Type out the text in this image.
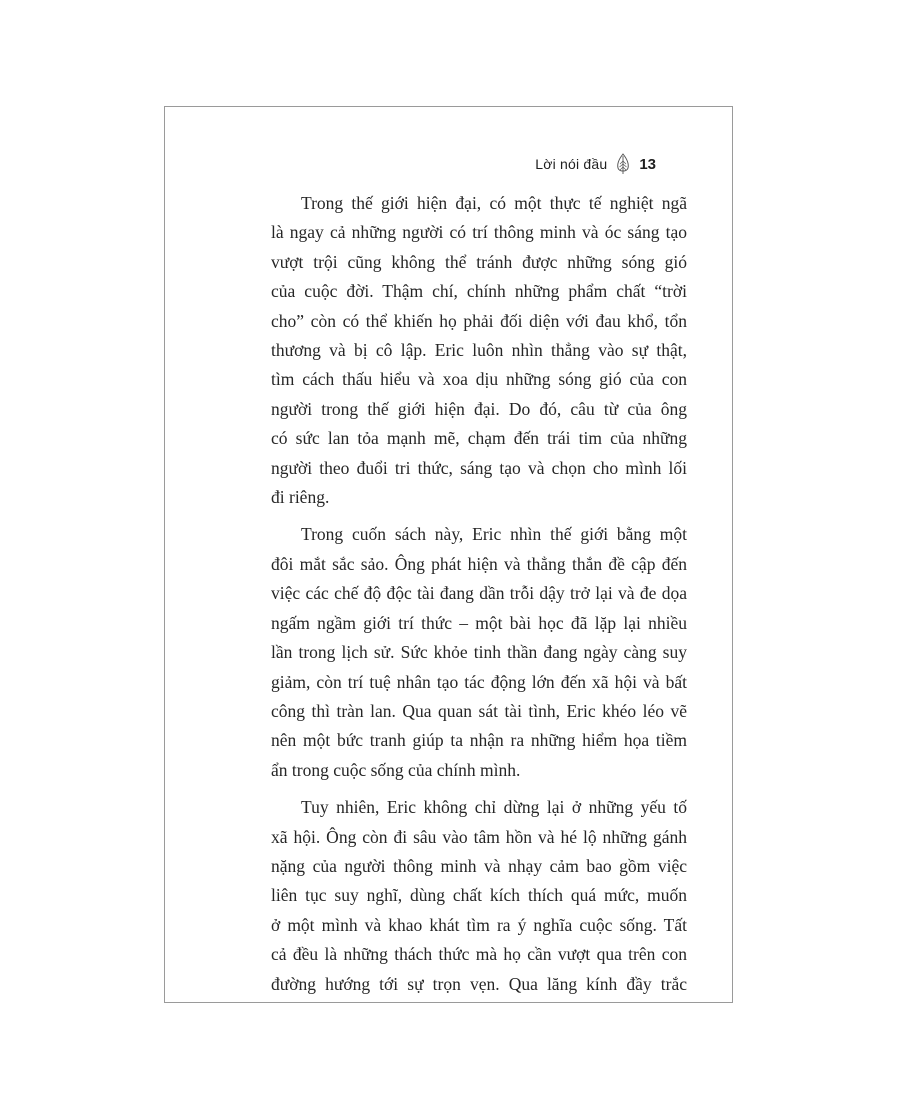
Lời nói đầu 13
Trong thế giới hiện đại, có một thực tế nghiệt ngã
là ngay cả những người có trí thông minh và óc sáng tạo
vượt trội cũng không thể tránh được những sóng gió
của cuộc đời. Thậm chí, chính những phẩm chất “trời
cho” còn có thể khiến họ phải đối diện với đau khổ, tổn
thương và bị cô lập. Eric luôn nhìn thẳng vào sự thật,
tìm cách thấu hiểu và xoa dịu những sóng gió của con
người trong thế giới hiện đại. Do đó, câu từ của ông
có sức lan tỏa mạnh mẽ, chạm đến trái tim của những
người theo đuổi tri thức, sáng tạo và chọn cho mình lối
đi riêng.
Trong cuốn sách này, Eric nhìn thế giới bằng một
đôi mắt sắc sảo. Ông phát hiện và thẳng thắn đề cập đến
việc các chế độ độc tài đang dần trỗi dậy trở lại và đe dọa
ngấm ngầm giới trí thức – một bài học đã lặp lại nhiều
lần trong lịch sử. Sức khỏe tinh thần đang ngày càng suy
giảm, còn trí tuệ nhân tạo tác động lớn đến xã hội và bất
công thì tràn lan. Qua quan sát tài tình, Eric khéo léo vẽ
nên một bức tranh giúp ta nhận ra những hiểm họa tiềm
ẩn trong cuộc sống của chính mình.
Tuy nhiên, Eric không chỉ dừng lại ở những yếu tố
xã hội. Ông còn đi sâu vào tâm hồn và hé lộ những gánh
nặng của người thông minh và nhạy cảm bao gồm việc
liên tục suy nghĩ, dùng chất kích thích quá mức, muốn
ở một mình và khao khát tìm ra ý nghĩa cuộc sống. Tất
cả đều là những thách thức mà họ cần vượt qua trên con
đường hướng tới sự trọn vẹn. Qua lăng kính đầy trắc
